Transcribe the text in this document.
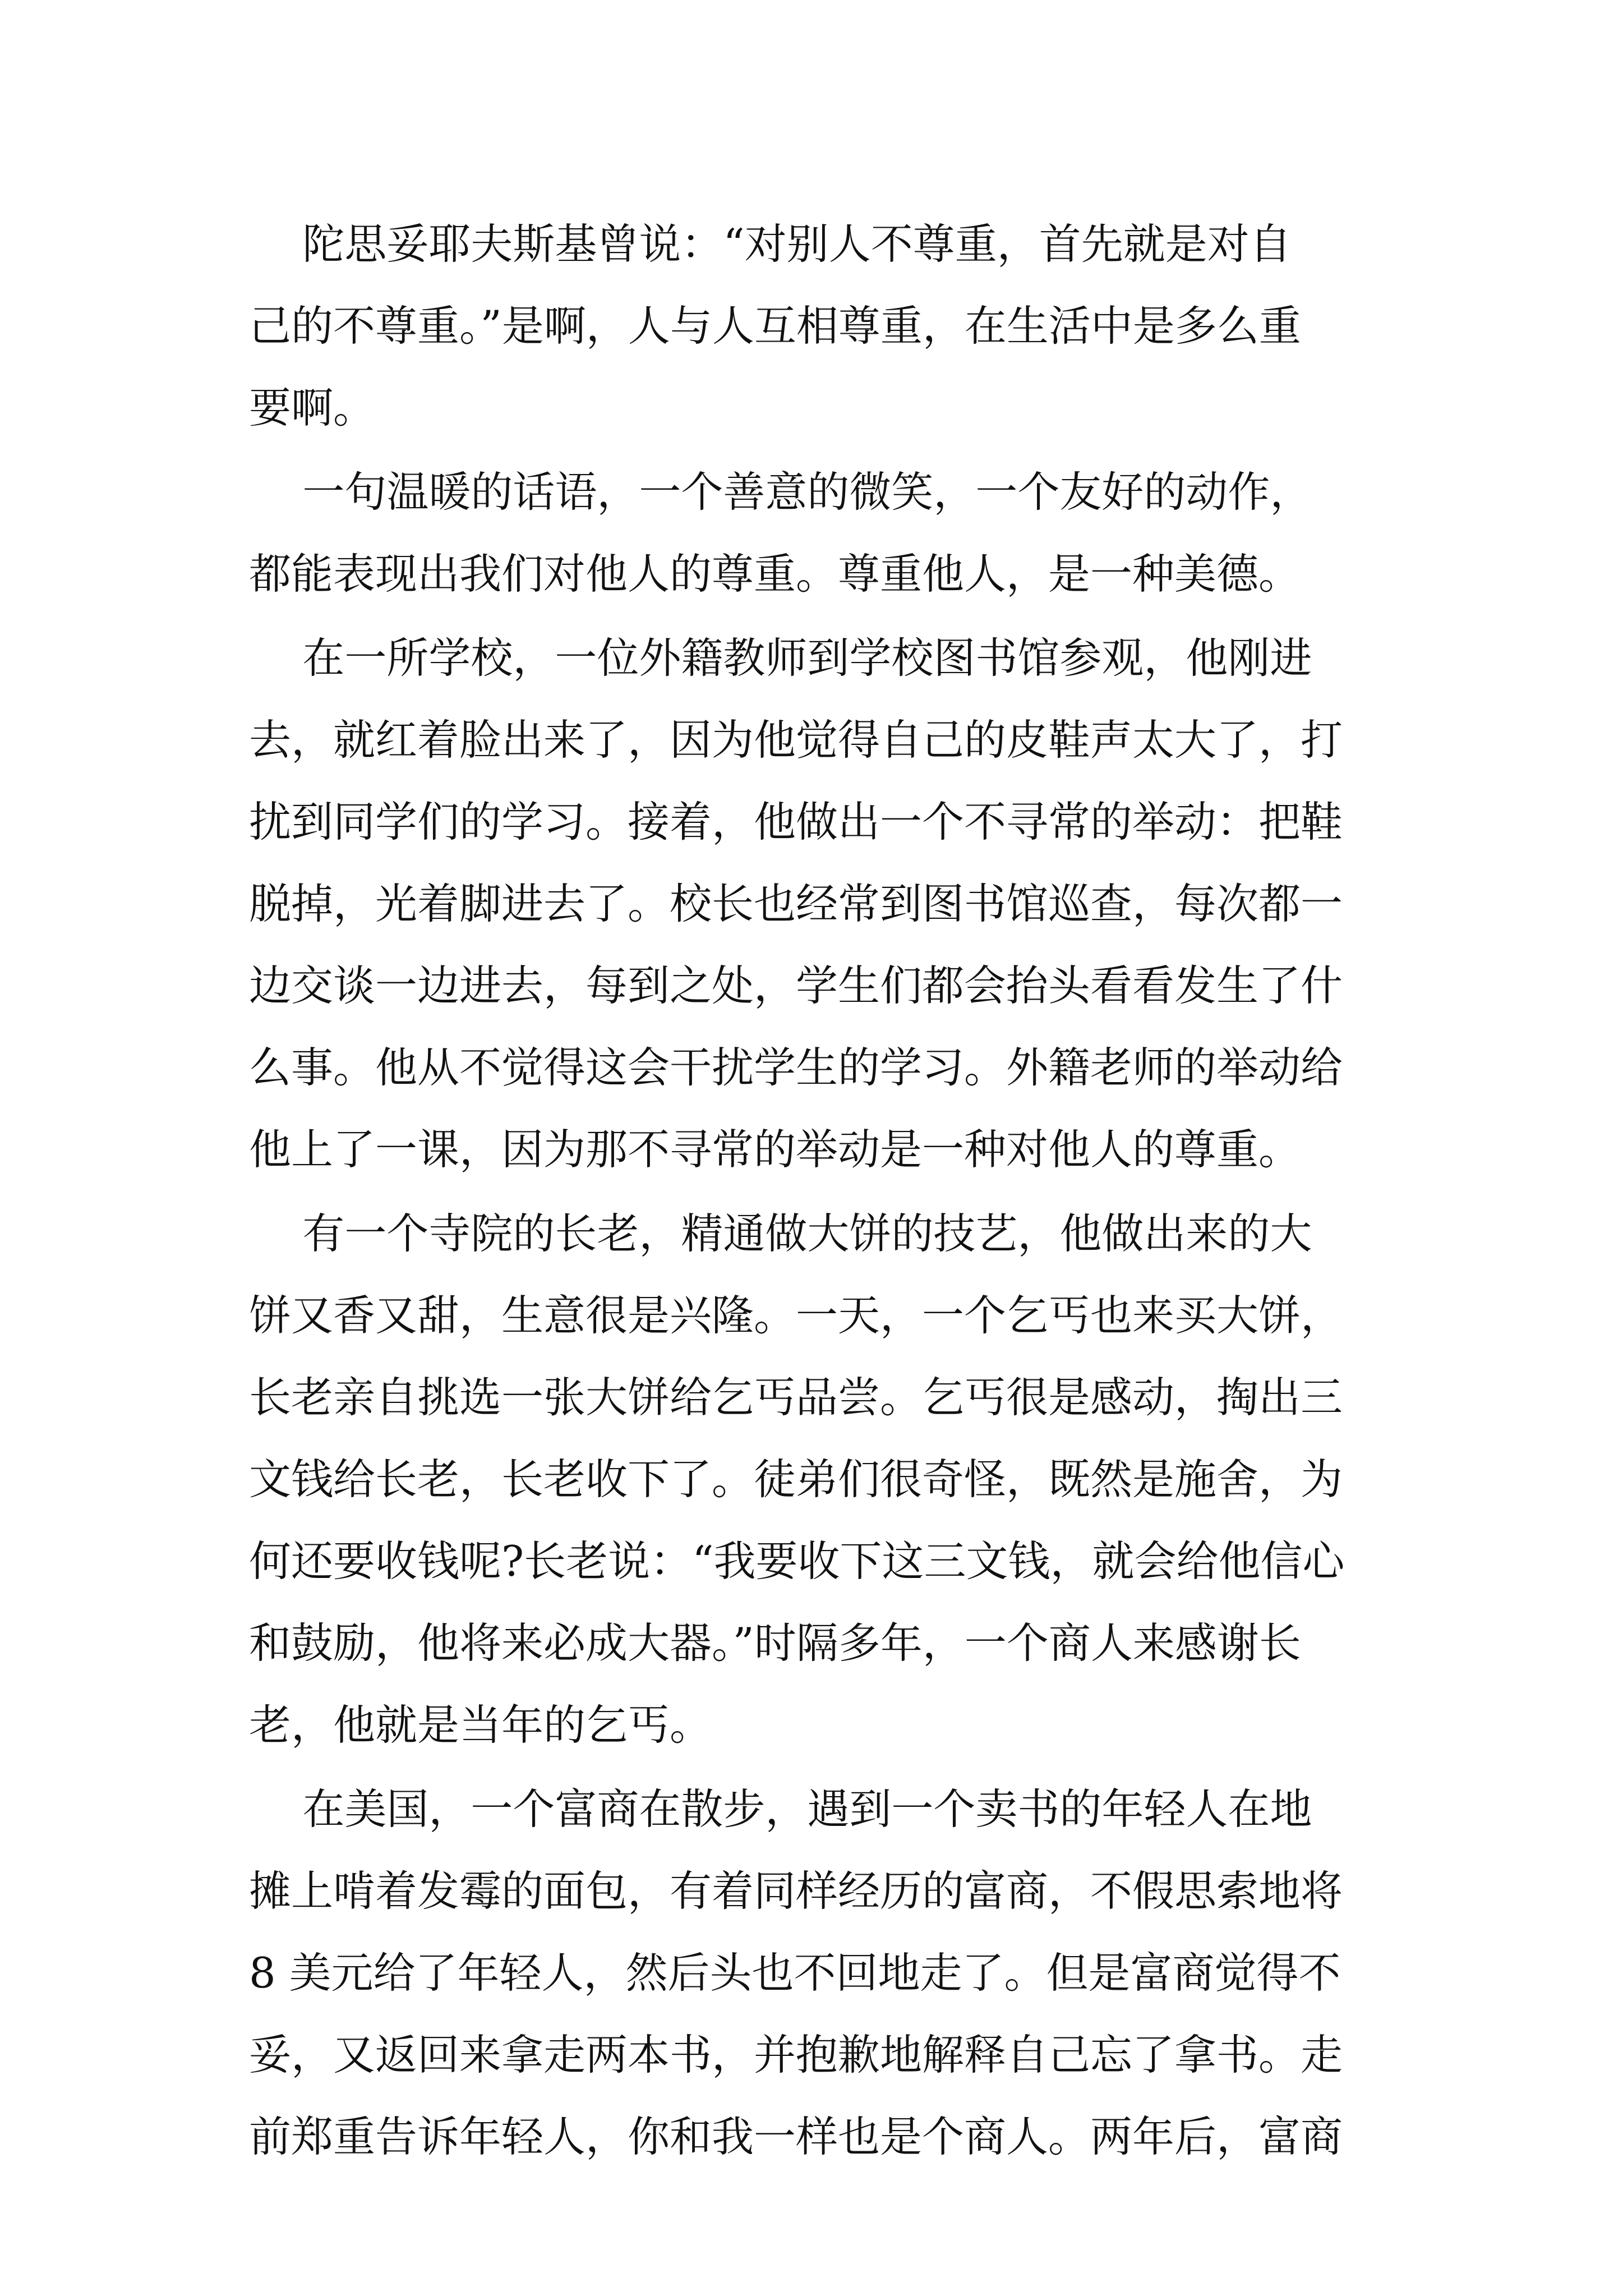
陀思妥耶夫斯基曾说：“对别人不尊重，首先就是对自
己的不尊重。”是啊，人与人互相尊重，在生活中是多么重
要啊。
一句温暖的话语，一个善意的微笑，一个友好的动作，
都能表现出我们对他人的尊重。尊重他人，是一种美德。
在一所学校，一位外籍教师到学校图书馆参观，他刚进
去，就红着脸出来了，因为他觉得自己的皮鞋声太大了，打
扰到同学们的学习。接着，他做出一个不寻常的举动：把鞋
脱掉，光着脚进去了。校长也经常到图书馆巡查，每次都一
边交谈一边进去，每到之处，学生们都会抬头看看发生了什
么事。他从不觉得这会干扰学生的学习。外籍老师的举动给
他上了一课，因为那不寻常的举动是一种对他人的尊重。
有一个寺院的长老，精通做大饼的技艺，他做出来的大
饼又香又甜，生意很是兴隆。一天，一个乞丐也来买大饼，
长老亲自挑选一张大饼给乞丐品尝。乞丐很是感动，掏出三
文钱给长老，长老收下了。徒弟们很奇怪，既然是施舍，为
何还要收钱呢?长老说：“我要收下这三文钱，就会给他信心
和鼓励，他将来必成大器。”时隔多年，一个商人来感谢长
老，他就是当年的乞丐。
在美国，一个富商在散步，遇到一个卖书的年轻人在地
摊上啃着发霉的面包，有着同样经历的富商，不假思索地将
8 美元给了年轻人，然后头也不回地走了。但是富商觉得不
妥，又返回来拿走两本书，并抱歉地解释自己忘了拿书。走
前郑重告诉年轻人，你和我一样也是个商人。两年后，富商
